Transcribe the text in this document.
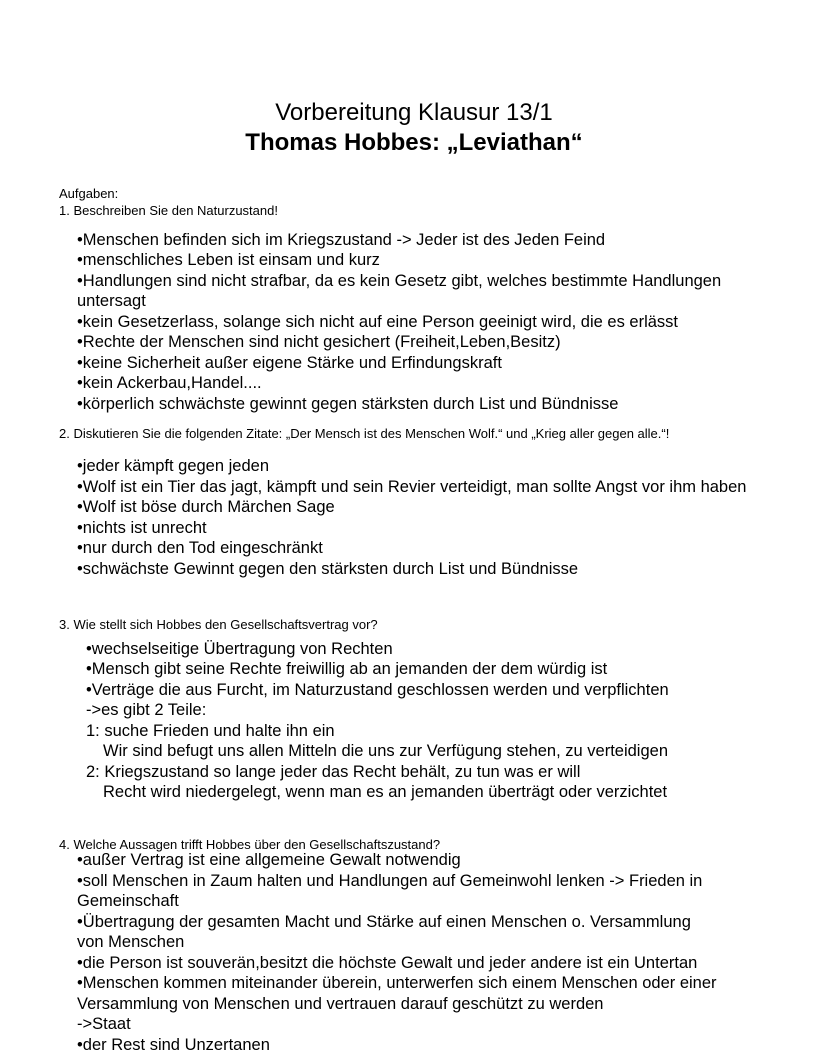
Vorbereitung Klausur 13/1
Thomas Hobbes: „Leviathan“
Aufgaben:
1. Beschreiben Sie den Naturzustand!
•Menschen befinden sich im Kriegszustand -> Jeder ist des Jeden Feind
•menschliches Leben ist einsam und kurz
•Handlungen sind nicht strafbar, da es kein Gesetz gibt, welches bestimmte Handlungen
untersagt
•kein Gesetzerlass, solange sich nicht auf eine Person geeinigt wird, die es erlässt
•Rechte der Menschen sind nicht gesichert (Freiheit,Leben,Besitz)
•keine Sicherheit außer eigene Stärke und Erfindungskraft
•kein Ackerbau,Handel....
•körperlich schwächste gewinnt gegen stärksten durch List und Bündnisse
2. Diskutieren Sie die folgenden Zitate: „Der Mensch ist des Menschen Wolf.“ und „Krieg aller gegen alle.“!
•jeder kämpft gegen jeden
•Wolf ist ein Tier das jagt, kämpft und sein Revier verteidigt, man sollte Angst vor ihm haben
•Wolf ist böse durch Märchen Sage
•nichts ist unrecht
•nur durch den Tod eingeschränkt
•schwächste Gewinnt gegen den stärksten durch List und Bündnisse
3. Wie stellt sich Hobbes den Gesellschaftsvertrag vor?
•wechselseitige Übertragung von Rechten
•Mensch gibt seine Rechte freiwillig ab an jemanden der dem würdig ist
•Verträge die aus Furcht, im Naturzustand geschlossen werden und verpflichten
->es gibt 2 Teile:
1: suche Frieden und halte ihn ein
Wir sind befugt uns allen Mitteln die uns zur Verfügung stehen, zu verteidigen
2: Kriegszustand so lange jeder das Recht behält, zu tun was er will
Recht wird niedergelegt, wenn man es an jemanden überträgt oder verzichtet
4. Welche Aussagen trifft Hobbes über den Gesellschaftszustand?
•außer Vertrag ist eine allgemeine Gewalt notwendig
•soll Menschen in Zaum halten und Handlungen auf Gemeinwohl lenken -> Frieden in
Gemeinschaft
•Übertragung der gesamten Macht und Stärke auf einen Menschen o. Versammlung
von Menschen
•die Person ist souverän,besitzt die höchste Gewalt und jeder andere ist ein Untertan
•Menschen kommen miteinander überein, unterwerfen sich einem Menschen oder einer
Versammlung von Menschen und vertrauen darauf geschützt zu werden
->Staat
•der Rest sind Unzertanen
